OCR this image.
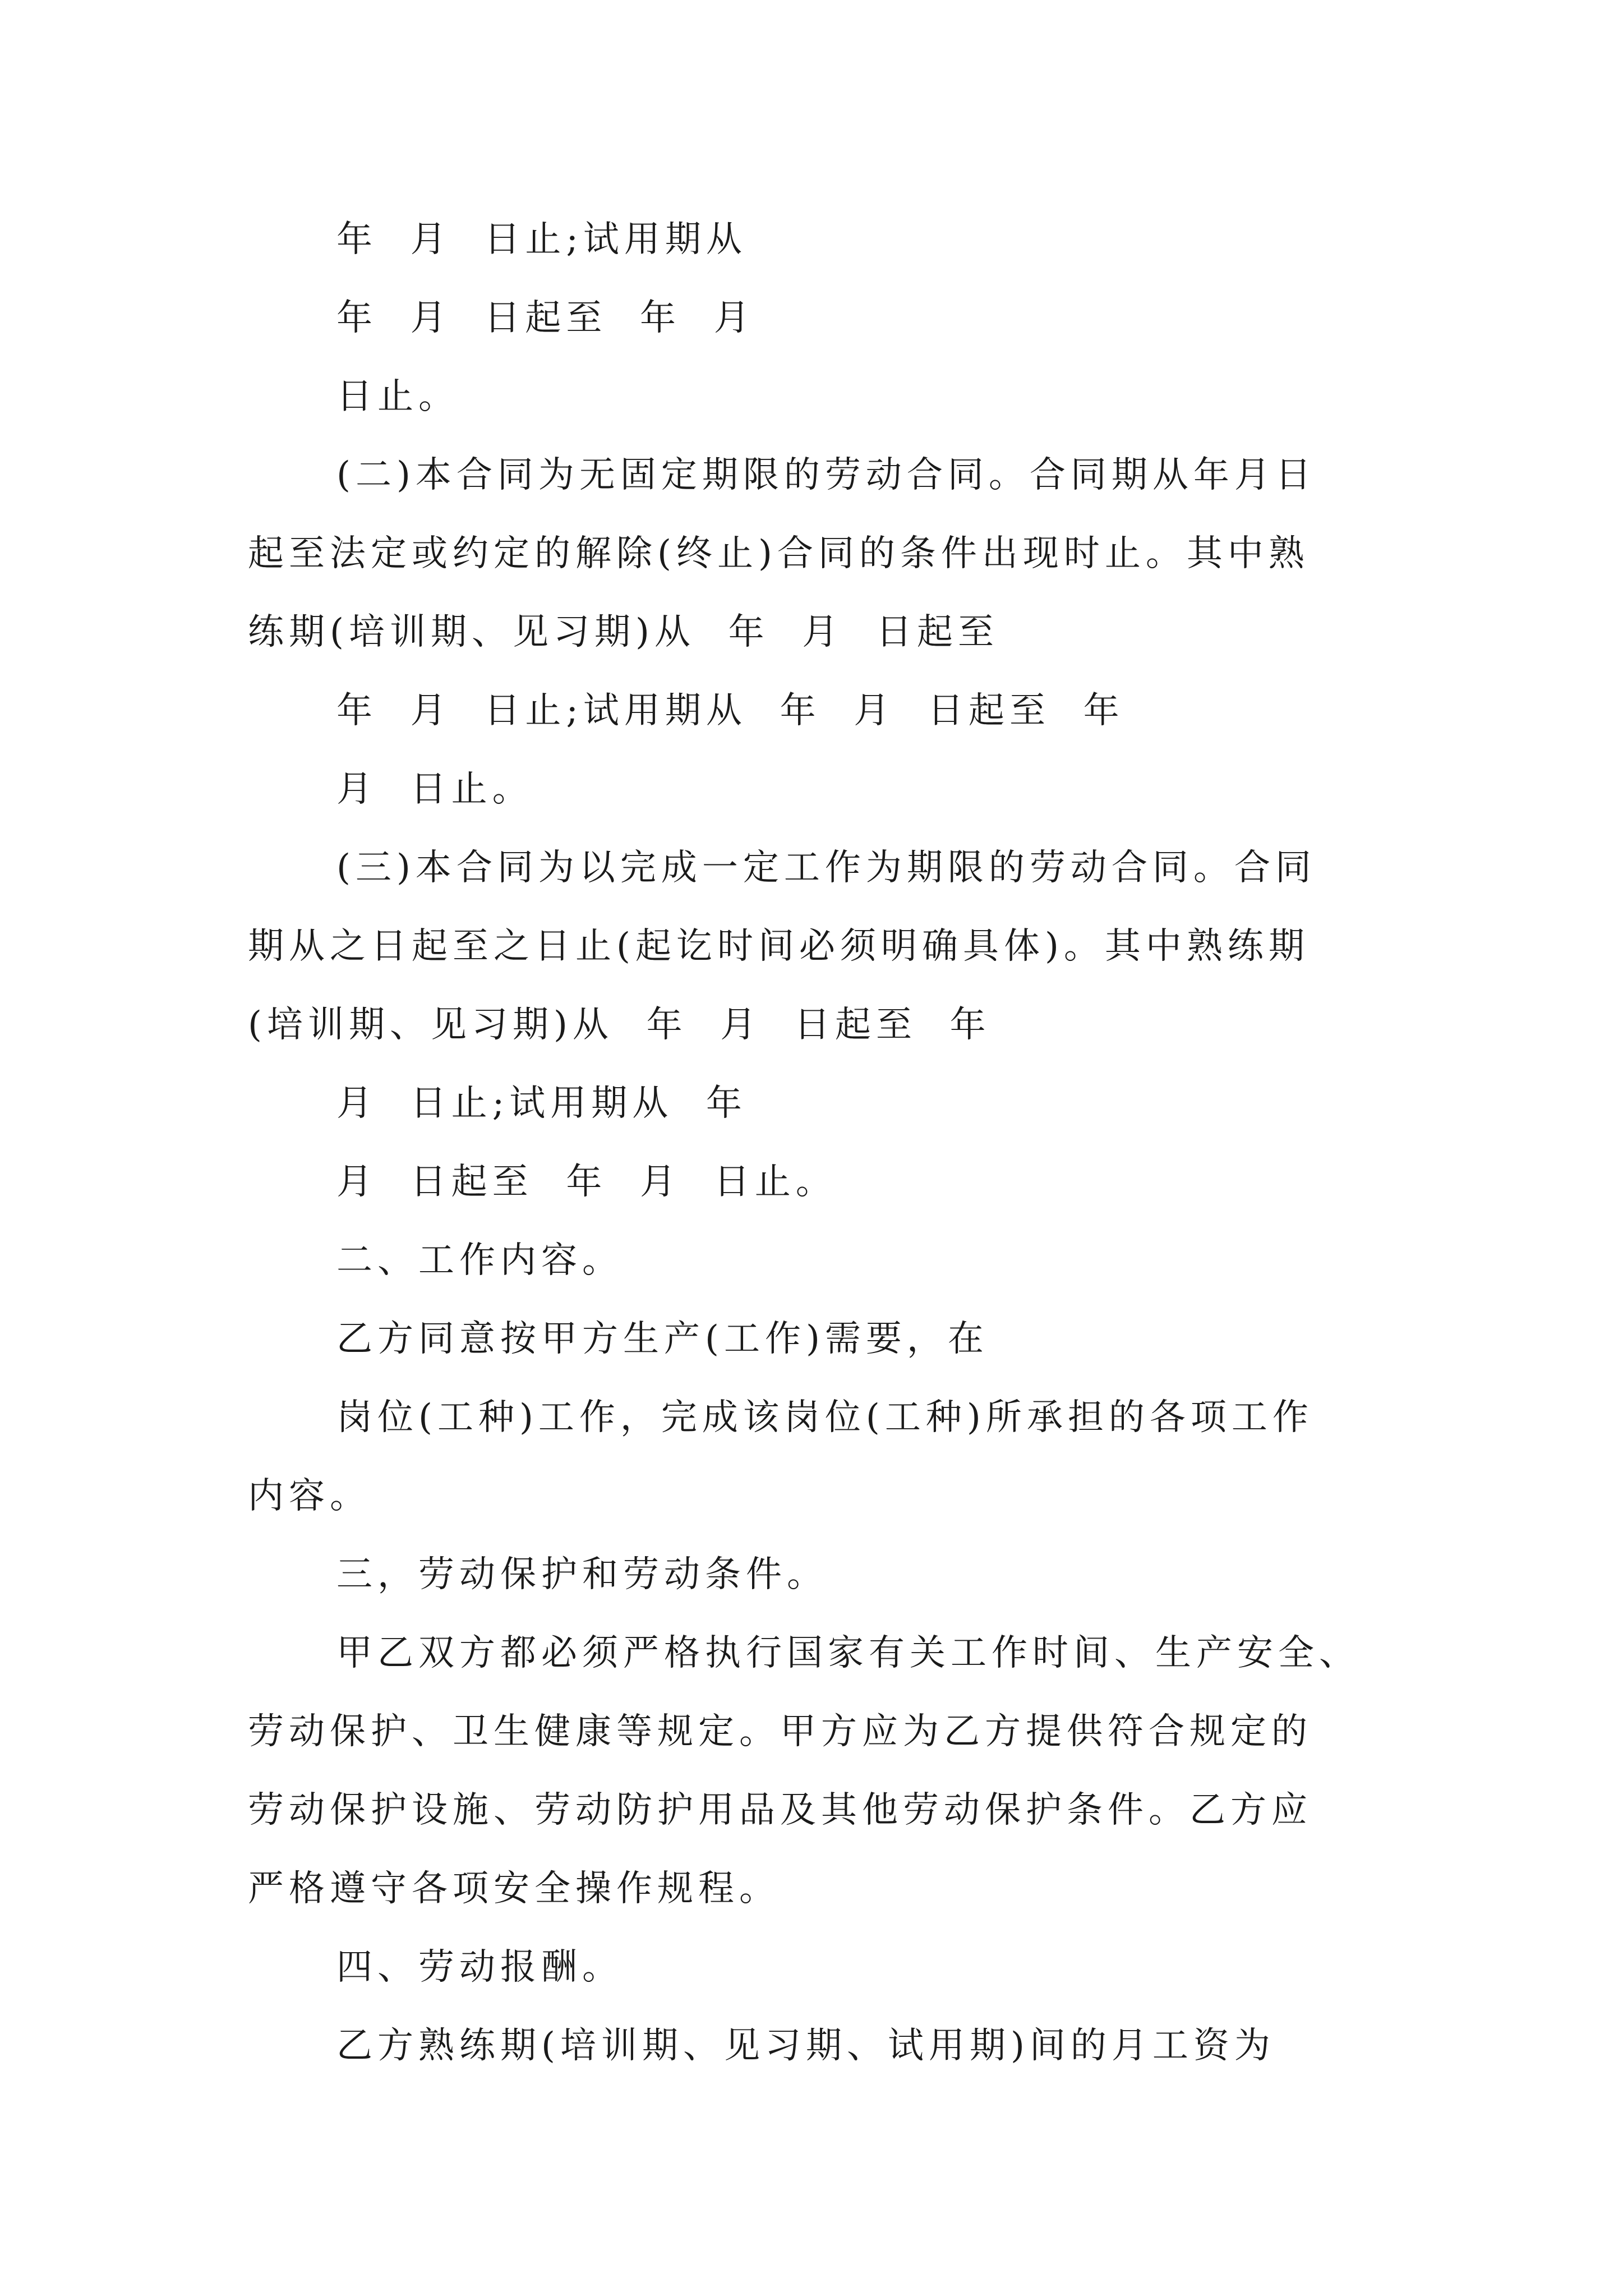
年  月  日止;试用期从

年  月  日起至  年  月

日止。

(二)本合同为无固定期限的劳动合同。合同期从年月日

起至法定或约定的解除(终止)合同的条件出现时止。其中熟

练期(培训期、见习期)从  年  月  日起至

年  月  日止;试用期从  年  月  日起至  年

月  日止。

(三)本合同为以完成一定工作为期限的劳动合同。合同

期从之日起至之日止(起讫时间必须明确具体)。其中熟练期

(培训期、见习期)从  年  月  日起至  年

月  日止;试用期从  年

月  日起至  年  月  日止。

二、工作内容。

乙方同意按甲方生产(工作)需要，在

岗位(工种)工作，完成该岗位(工种)所承担的各项工作

内容。

三，劳动保护和劳动条件。

甲乙双方都必须严格执行国家有关工作时间、生产安全、

劳动保护、卫生健康等规定。甲方应为乙方提供符合规定的

劳动保护设施、劳动防护用品及其他劳动保护条件。乙方应

严格遵守各项安全操作规程。

四、劳动报酬。

乙方熟练期(培训期、见习期、试用期)间的月工资为
